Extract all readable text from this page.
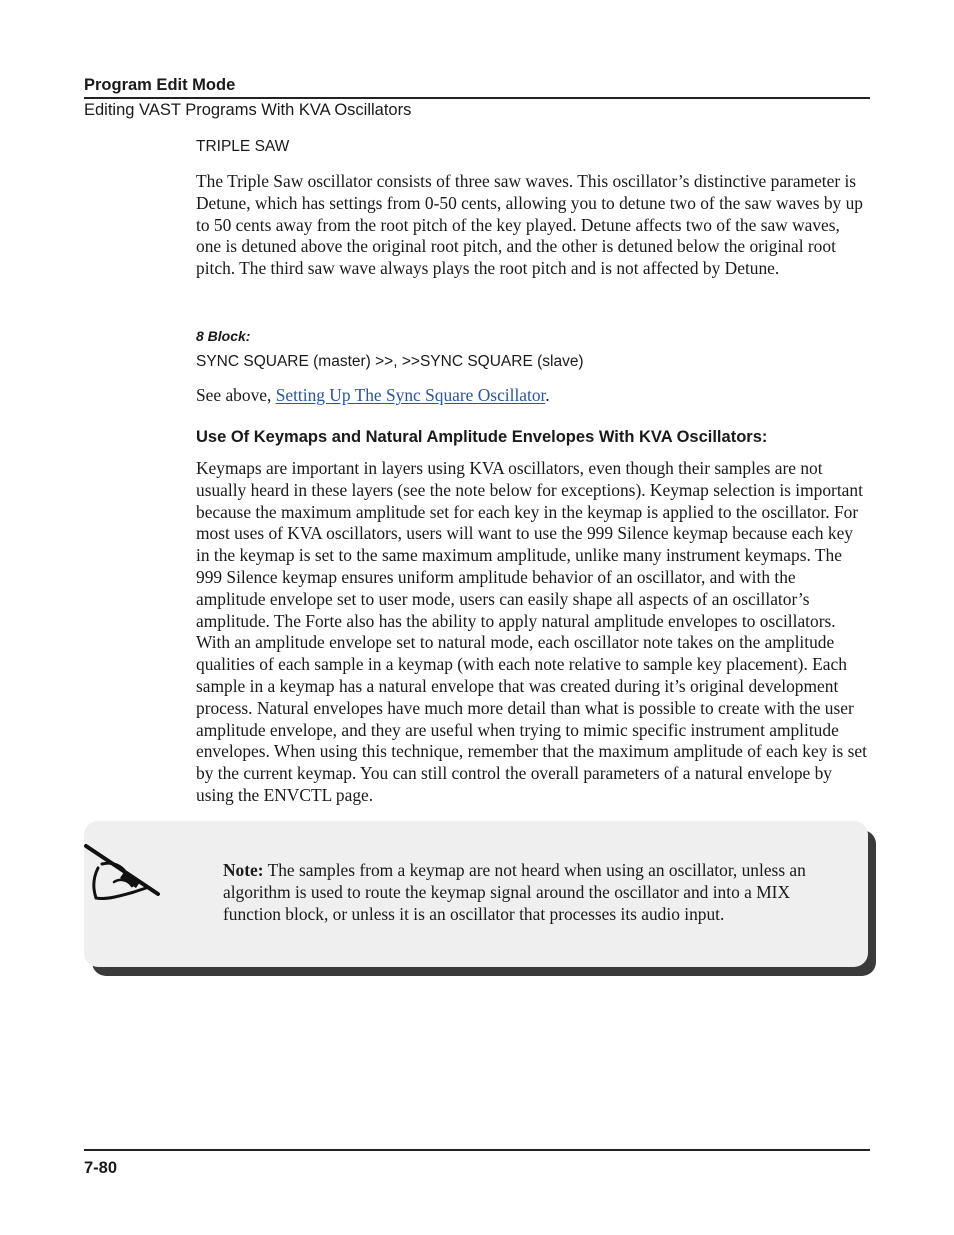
Program Edit Mode
Editing VAST Programs With KVA Oscillators
TRIPLE SAW

The Triple Saw oscillator consists of three saw waves. This oscillator’s distinctive parameter is Detune, which has settings from 0-50 cents, allowing you to detune two of the saw waves by up to 50 cents away from the root pitch of the key played. Detune affects two of the saw waves, one is detuned above the original root pitch, and the other is detuned below the original root pitch. The third saw wave always plays the root pitch and is not affected by Detune.

8 Block:
SYNC SQUARE (master) >>, >>SYNC SQUARE (slave)

See above, Setting Up The Sync Square Oscillator.

Use Of Keymaps and Natural Amplitude Envelopes With KVA Oscillators:

Keymaps are important in layers using KVA oscillators, even though their samples are not usually heard in these layers (see the note below for exceptions). Keymap selection is important because the maximum amplitude set for each key in the keymap is applied to the oscillator. For most uses of KVA oscillators, users will want to use the 999 Silence keymap because each key in the keymap is set to the same maximum amplitude, unlike many instrument keymaps. The 999 Silence keymap ensures uniform amplitude behavior of an oscillator, and with the amplitude envelope set to user mode, users can easily shape all aspects of an oscillator’s amplitude. The Forte also has the ability to apply natural amplitude envelopes to oscillators. With an amplitude envelope set to natural mode, each oscillator note takes on the amplitude qualities of each sample in a keymap (with each note relative to sample key placement). Each sample in a keymap has a natural envelope that was created during it’s original development process. Natural envelopes have much more detail than what is possible to create with the user amplitude envelope, and they are useful when trying to mimic specific instrument amplitude envelopes. When using this technique, remember that the maximum amplitude of each key is set by the current keymap. You can still control the overall parameters of a natural envelope by using the ENVCTL page.

Note: The samples from a keymap are not heard when using an oscillator, unless an algorithm is used to route the keymap signal around the oscillator and into a MIX function block, or unless it is an oscillator that processes its audio input.

7-80
